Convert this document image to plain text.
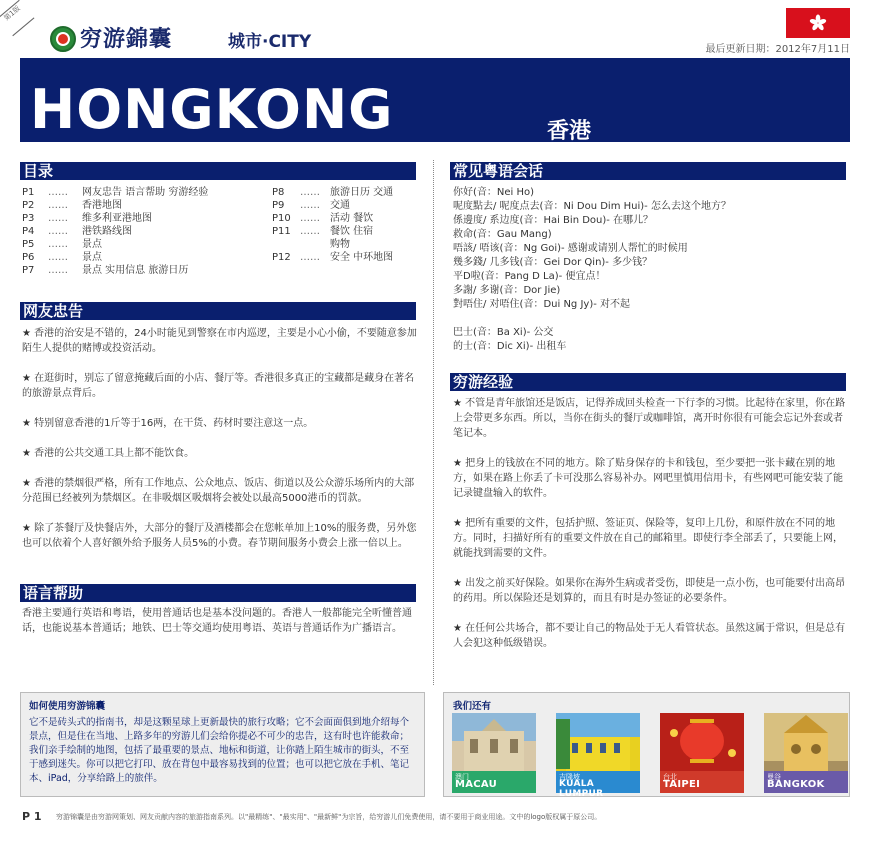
第1版
穷游錦囊	城市·CITY	最后更新日期：2012年7月11日
HONGKONG	香港
目录
P1	……	网友忠告 语言帮助 穷游经验
P2	……	香港地图
P3	……	维多利亚港地图
P4	……	港铁路线图
P5	……	景点
P6	……	景点
P7	……	景点 实用信息 旅游日历
P8	……	旅游日历 交通
P9	……	交通
P10 ……	活动 餐饮
P11 ……	餐饮 住宿
购物
P12 ……	安全 中环地图
网友忠告

★ 香港的治安是不错的，24小时能见到警察在市内巡逻，主要是小心小偷，不要随意参加陌生人提供的赌博或投资活动。

★ 在逛街时，别忘了留意掩藏后面的小店、餐厅等。香港很多真正的宝藏都是藏身在著名的旅游景点背后。

★ 特别留意香港的1斤等于16两，在干货、药材时要注意这一点。

★ 香港的公共交通工具上都不能饮食。

★ 香港的禁烟很严格，所有工作地点、公众地点、饭店、街道以及公众游乐场所内的大部分范围已经被列为禁烟区。在非吸烟区吸烟将会被处以最高5000港币的罚款。

★ 除了茶餐厅及快餐店外，大部分的餐厅及酒楼都会在您帐单加上10%的服务费，另外您也可以依着个人喜好额外给予服务人员5%的小费。春节期间服务小费会上涨一倍以上。

语言帮助
香港主要通行英语和粤语，使用普通话也是基本没问题的。香港人一般都能完全听懂普通话，也能说基本普通话；地铁、巴士等交通均使用粤语、英语与普通话作为广播语言。
常见粤语会话
你好(音：Nei Ho)
呢度點去/ 呢度点去(音：Ni Dou Dim Hui)- 怎么去这个地方？
係邊度/ 系边度(音：Hai Bin Dou)- 在哪儿？
救命(音：Gau Mang)
唔該/ 唔该(音：Ng Goi)- 感谢或请别人帮忙的时候用
幾多錢/ 几多钱(音：Gei Dor Qin)- 多少钱？
平D啦(音：Pang D La)- 便宜点！
多謝/ 多谢(音：Dor Jie)
對唔住/ 对唔住(音：Dui Ng Jy)- 对不起
巴士(音：Ba Xi)- 公交
的士(音：Dic Xi)- 出租车
穷游经验

★ 不管是青年旅馆还是饭店，记得养成回头检查一下行李的习惯。比起待在家里，你在路上会带更多东西。所以，当你在街头的餐厅或咖啡馆，离开时你很有可能会忘记外套或者笔记本。

★ 把身上的钱放在不同的地方。除了贴身保存的卡和钱包，至少要把一张卡藏在别的地方，如果在路上你丢了卡可没那么容易补办。网吧里慎用信用卡，有些网吧可能安装了能记录键盘输入的软件。

★ 把所有重要的文件，包括护照、签证页、保险等，复印上几份，和原件放在不同的地方。同时，扫描好所有的重要文件放在自己的邮箱里。即使行李全部丢了，只要能上网，就能找到需要的文件。

★ 出发之前买好保险。如果你在海外生病或者受伤，即使是一点小伤，也可能要付出高昂的药用。所以保险还是划算的，而且有时是办签证的必要条件。

★ 在任何公共场合，都不要让自己的物品处于无人看管状态。虽然这属于常识，但是总有人会犯这种低级错误。

如何使用穷游锦囊
它不是砖头式的指南书，却是这颗星球上更新最快的旅行攻略；它不会面面俱到地介绍每个景点，但是住在当地、上路多年的穷游儿们会给你提必不可少的忠告，这有时也许能救命；我们亲手绘制的地图，包括了最重要的景点、地标和街道，让你踏上陌生城市的街头，不至于感到迷失。你可以把它打印、放在背包中最容易找到的位置；也可以把它放在手机、笔记本、iPad，分享给路上的旅伴。
我们还有
澳门
MACAU
吉隆坡
KUALA LUMPUR
台北
TAIPEI
曼谷
BANGKOK
P 1 穷游锦囊是由穷游网策划、网友贡献内容的旅游指南系列。以"最精练"、"最实用"、"最新鲜"为宗旨，给穷游儿们免费使用，请不要用于商业用途。文中的logo版权属于原公司。
